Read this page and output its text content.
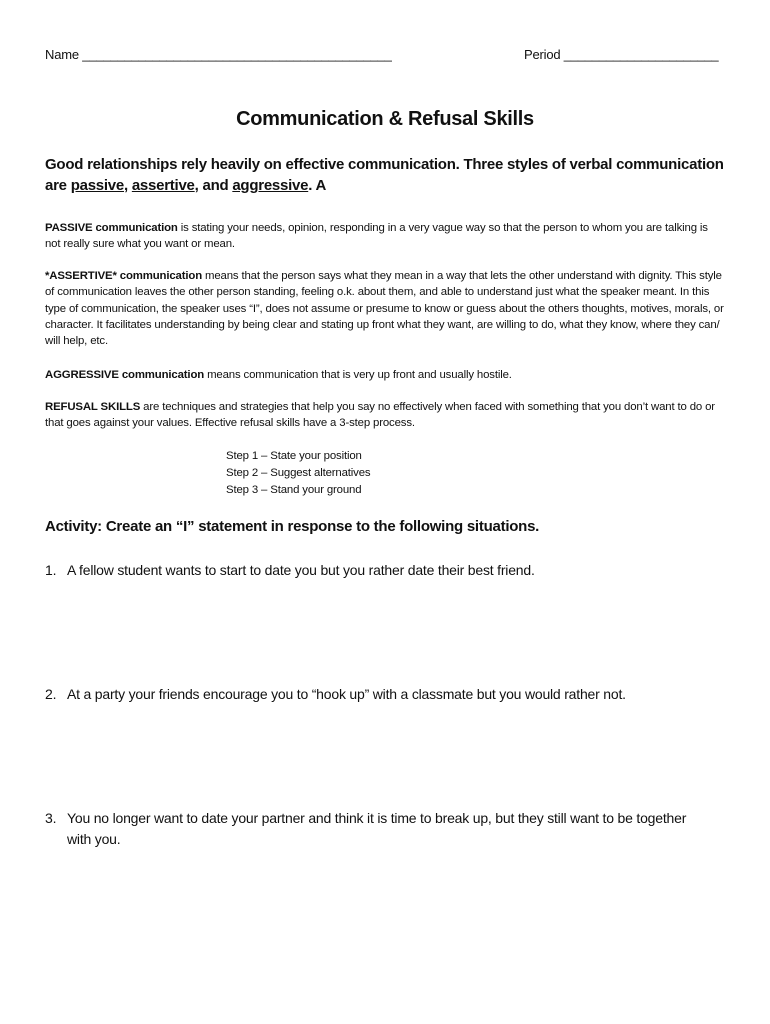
Name ____________________________________________	Period ______________________
Communication & Refusal Skills
Good relationships rely heavily on effective communication. Three styles of verbal communication are passive, assertive, and aggressive. A
PASSIVE communication is stating your needs, opinion, responding in a very vague way so that the person to whom you are talking is not really sure what you want or mean.
*ASSERTIVE* communication means that the person says what they mean in a way that lets the other understand with dignity. This style of communication leaves the other person standing, feeling o.k. about them, and able to understand just what the speaker meant. In this type of communication, the speaker uses “I”, does not assume or presume to know or guess about the others thoughts, motives, morals, or character. It facilitates understanding by being clear and stating up front what they want, are willing to do, what they know, where they can/ will help, etc.
AGGRESSIVE communication means communication that is very up front and usually hostile.
REFUSAL SKILLS are techniques and strategies that help you say no effectively when faced with something that you don’t want to do or that goes against your values. Effective refusal skills have a 3-step process.
Step 1 – State your position
Step 2 – Suggest alternatives
Step 3 – Stand your ground
Activity: Create an “I” statement in response to the following situations.
1. A fellow student wants to start to date you but you rather date their best friend.
2. At a party your friends encourage you to “hook up” with a classmate but you would rather not.
3. You no longer want to date your partner and think it is time to break up, but they still want to be together with you.
